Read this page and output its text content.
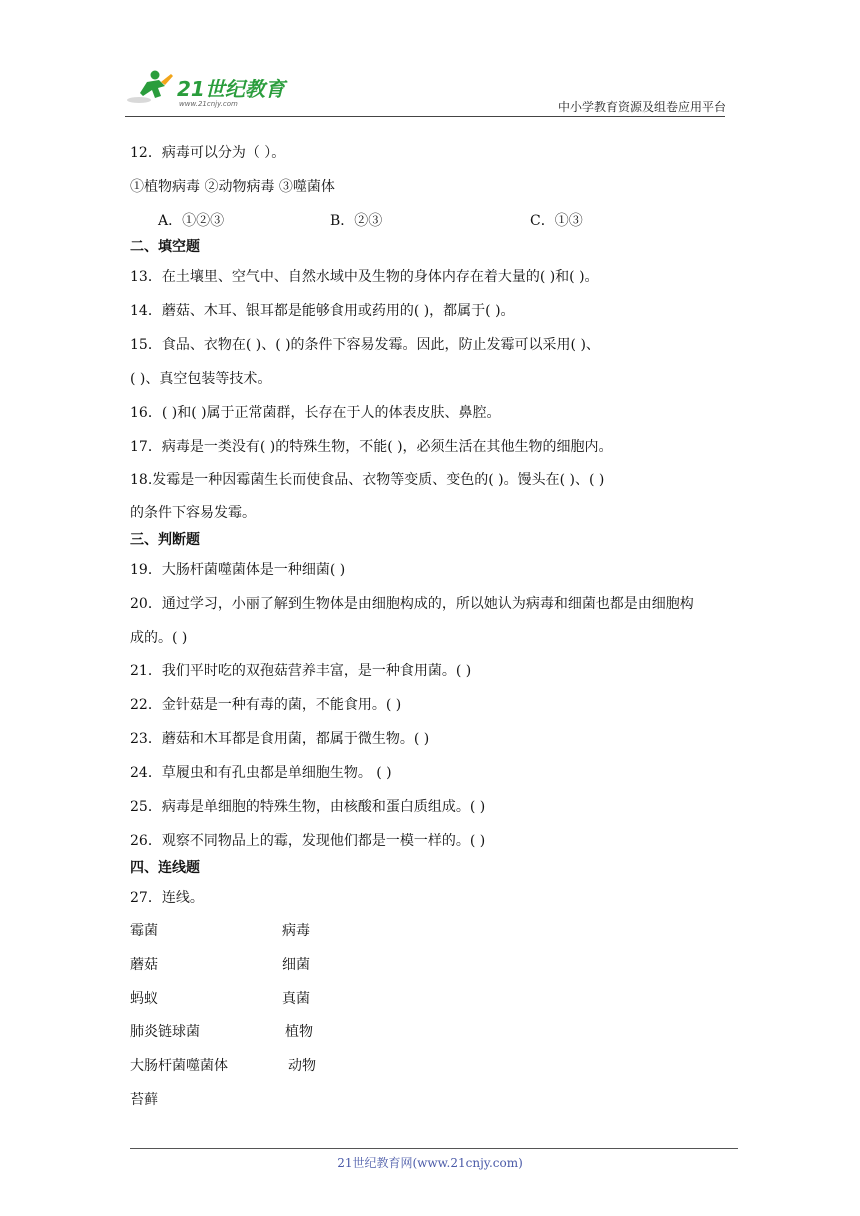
21世纪教育
www.21cnjy.com	中小学教育资源及组卷应用平台
12．病毒可以分为（ ）。
①植物病毒 ②动物病毒 ③噬菌体
A．①②③	B．②③	C．①③
二、填空题
13．在土壤里、空气中、自然水域中及生物的身体内存在着大量的( )和( )。
14．蘑菇、木耳、银耳都是能够食用或药用的( )，都属于( )。
15．食品、衣物在( )、( )的条件下容易发霉。因此，防止发霉可以采用( )、
( )、真空包装等技术。
16．( )和( )属于正常菌群，长存在于人的体表皮肤、鼻腔。
17．病毒是一类没有( )的特殊生物，不能( )，必须生活在其他生物的细胞内。
18.发霉是一种因霉菌生长而使食品、衣物等变质、变色的( )。馒头在( )、( )
的条件下容易发霉。
三、判断题
19．大肠杆菌噬菌体是一种细菌( )
20．通过学习，小丽了解到生物体是由细胞构成的，所以她认为病毒和细菌也都是由细胞构
成的。( )
21．我们平时吃的双孢菇营养丰富，是一种食用菌。( )
22．金针菇是一种有毒的菌，不能食用。( )
23．蘑菇和木耳都是食用菌，都属于微生物。( )
24．草履虫和有孔虫都是单细胞生物。 ( )
25．病毒是单细胞的特殊生物，由核酸和蛋白质组成。( )
26．观察不同物品上的霉，发现他们都是一模一样的。( )
四、连线题
27．连线。
霉菌
蘑菇
蚂蚁
肺炎链球菌
大肠杆菌噬菌体
苔藓
病毒
细菌
真菌
植物
动物
21世纪教育网(www.21cnjy.com)
